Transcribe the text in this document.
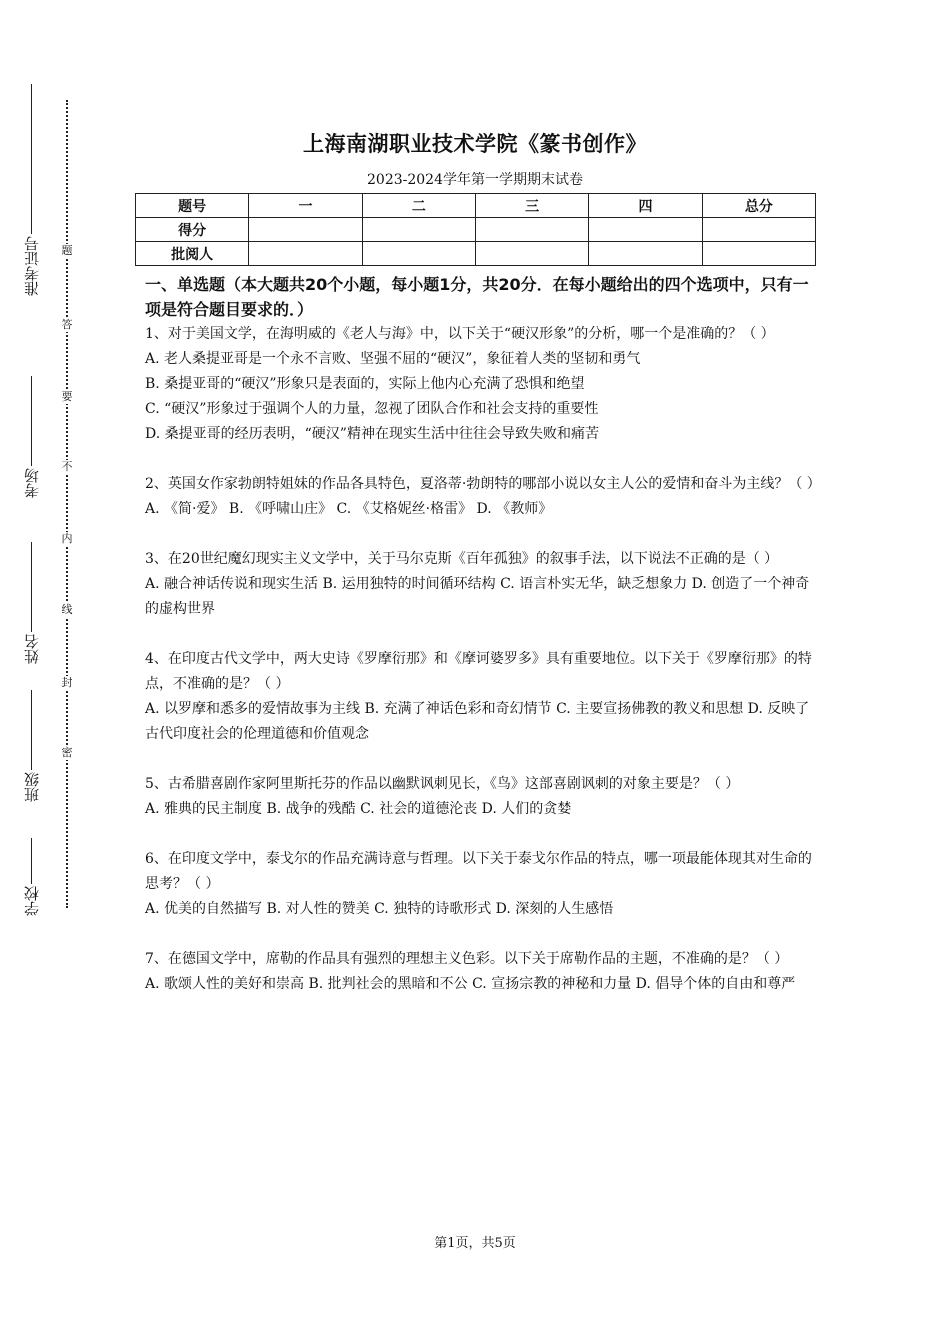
准考证号
考场
姓名
班级
学校
题
答
要
不
内
线
封
密
上海南湖职业技术学院《篆书创作》
2023-2024学年第一学期期末试卷
题号	一	二	三	四	总分
得分					
批阅人					
一、单选题（本大题共20个小题，每小题1分，共20分．在每小题给出的四个选项中，只有一项是符合题目要求的．）

1、对于美国文学，在海明威的《老人与海》中，以下关于“硬汉形象”的分析，哪一个是准确的？（ ）

A. 老人桑提亚哥是一个永不言败、坚强不屈的“硬汉”，象征着人类的坚韧和勇气

B. 桑提亚哥的“硬汉”形象只是表面的，实际上他内心充满了恐惧和绝望

C. “硬汉”形象过于强调个人的力量，忽视了团队合作和社会支持的重要性

D. 桑提亚哥的经历表明，“硬汉”精神在现实生活中往往会导致失败和痛苦

2、英国女作家勃朗特姐妹的作品各具特色，夏洛蒂·勃朗特的哪部小说以女主人公的爱情和奋斗为主线？（ ）

A. 《简·爱》 B. 《呼啸山庄》 C. 《艾格妮丝·格雷》 D. 《教师》

3、在20世纪魔幻现实主义文学中，关于马尔克斯《百年孤独》的叙事手法，以下说法不正确的是（ ）

A. 融合神话传说和现实生活 B. 运用独特的时间循环结构 C. 语言朴实无华，缺乏想象力 D. 创造了一个神奇的虚构世界

4、在印度古代文学中，两大史诗《罗摩衍那》和《摩诃婆罗多》具有重要地位。以下关于《罗摩衍那》的特点，不准确的是？（ ）

A. 以罗摩和悉多的爱情故事为主线 B. 充满了神话色彩和奇幻情节 C. 主要宣扬佛教的教义和思想 D. 反映了古代印度社会的伦理道德和价值观念

5、古希腊喜剧作家阿里斯托芬的作品以幽默讽刺见长，《鸟》这部喜剧讽刺的对象主要是？（ ）

A. 雅典的民主制度 B. 战争的残酷 C. 社会的道德沦丧 D. 人们的贪婪

6、在印度文学中，泰戈尔的作品充满诗意与哲理。以下关于泰戈尔作品的特点，哪一项最能体现其对生命的思考？（ ）

A. 优美的自然描写 B. 对人性的赞美 C. 独特的诗歌形式 D. 深刻的人生感悟

7、在德国文学中，席勒的作品具有强烈的理想主义色彩。以下关于席勒作品的主题，不准确的是？（ ）

A. 歌颂人性的美好和崇高 B. 批判社会的黑暗和不公 C. 宣扬宗教的神秘和力量 D. 倡导个体的自由和尊严

第1页，共5页
